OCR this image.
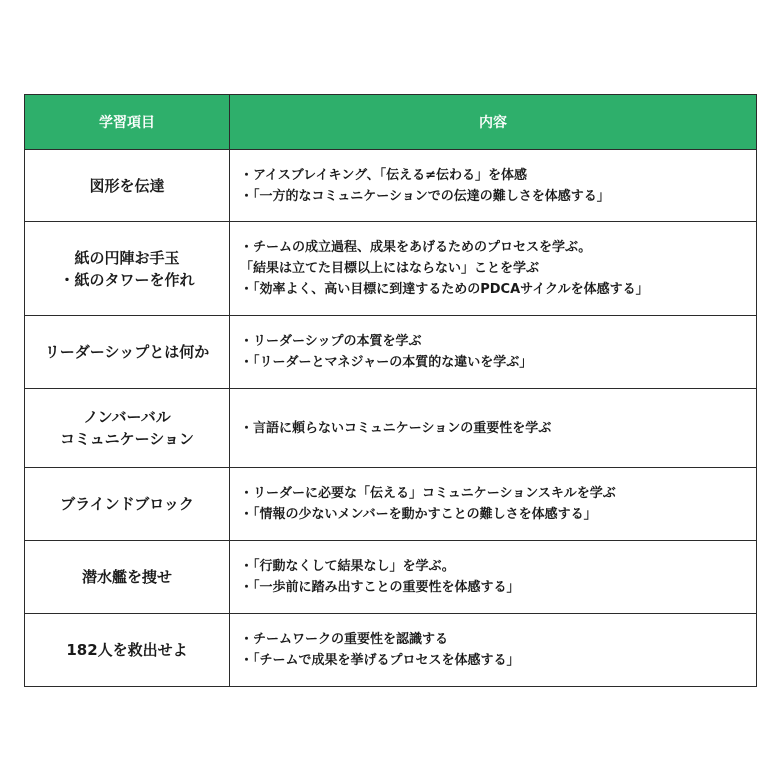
学習項目	内容

図形を伝達	・アイスブレイキング、「伝える≠伝わる」を体感
・「一方的なコミュニケーションでの伝達の難しさを体感する」

紙の円陣お手玉
・紙のタワーを作れ	・チームの成立過程、成果をあげるためのプロセスを学ぶ。
「結果は立てた目標以上にはならない」ことを学ぶ
・「効率よく、高い目標に到達するためのPDCAサイクルを体感する」

リーダーシップとは何か	・リーダーシップの本質を学ぶ
・「リーダーとマネジャーの本質的な違いを学ぶ」

ノンバーバル
コミュニケーション	・言語に頼らないコミュニケーションの重要性を学ぶ

ブラインドブロック	・リーダーに必要な「伝える」コミュニケーションスキルを学ぶ
・「情報の少ないメンバーを動かすことの難しさを体感する」

潜水艦を捜せ	・「行動なくして結果なし」を学ぶ。
・「一歩前に踏み出すことの重要性を体感する」

182人を救出せよ	・チームワークの重要性を認識する
・「チームで成果を挙げるプロセスを体感する」
